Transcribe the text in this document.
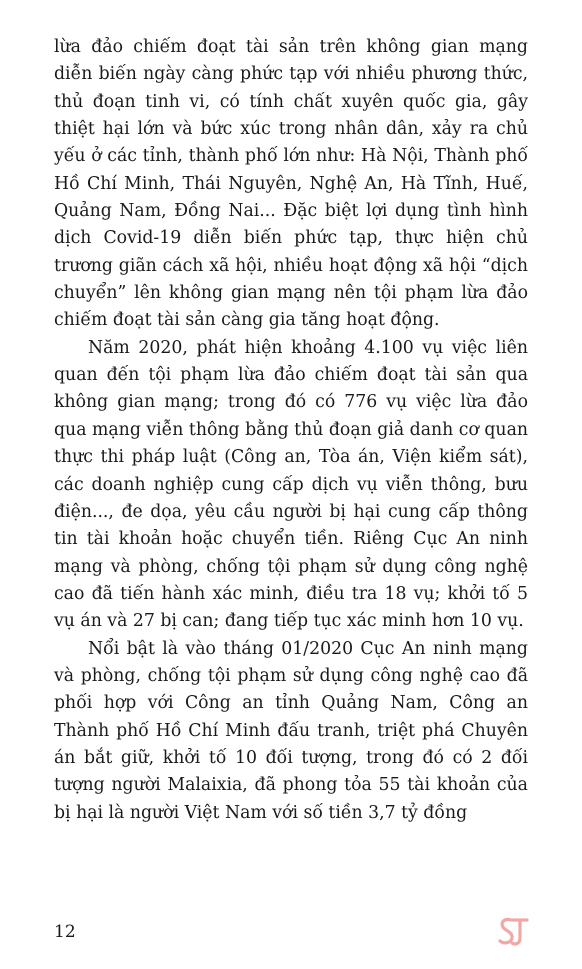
lừa đảo chiếm đoạt tài sản trên không gian mạng diễn biến ngày càng phức tạp với nhiều phương thức, thủ đoạn tinh vi, có tính chất xuyên quốc gia, gây thiệt hại lớn và bức xúc trong nhân dân, xảy ra chủ yếu ở các tỉnh, thành phố lớn như: Hà Nội, Thành phố Hồ Chí Minh, Thái Nguyên, Nghệ An, Hà Tĩnh, Huế, Quảng Nam, Đồng Nai... Đặc biệt lợi dụng tình hình dịch Covid-19 diễn biến phức tạp, thực hiện chủ trương giãn cách xã hội, nhiều hoạt động xã hội “dịch chuyển” lên không gian mạng nên tội phạm lừa đảo chiếm đoạt tài sản càng gia tăng hoạt động.

Năm 2020, phát hiện khoảng 4.100 vụ việc liên quan đến tội phạm lừa đảo chiếm đoạt tài sản qua không gian mạng; trong đó có 776 vụ việc lừa đảo qua mạng viễn thông bằng thủ đoạn giả danh cơ quan thực thi pháp luật (Công an, Tòa án, Viện kiểm sát), các doanh nghiệp cung cấp dịch vụ viễn thông, bưu điện..., đe dọa, yêu cầu người bị hại cung cấp thông tin tài khoản hoặc chuyển tiền. Riêng Cục An ninh mạng và phòng, chống tội phạm sử dụng công nghệ cao đã tiến hành xác minh, điều tra 18 vụ; khởi tố 5 vụ án và 27 bị can; đang tiếp tục xác minh hơn 10 vụ.

Nổi bật là vào tháng 01/2020 Cục An ninh mạng và phòng, chống tội phạm sử dụng công nghệ cao đã phối hợp với Công an tỉnh Quảng Nam, Công an Thành phố Hồ Chí Minh đấu tranh, triệt phá Chuyên án bắt giữ, khởi tố 10 đối tượng, trong đó có 2 đối tượng người Malaixia, đã phong tỏa 55 tài khoản của bị hại là người Việt Nam với số tiền 3,7 tỷ đồng

12
